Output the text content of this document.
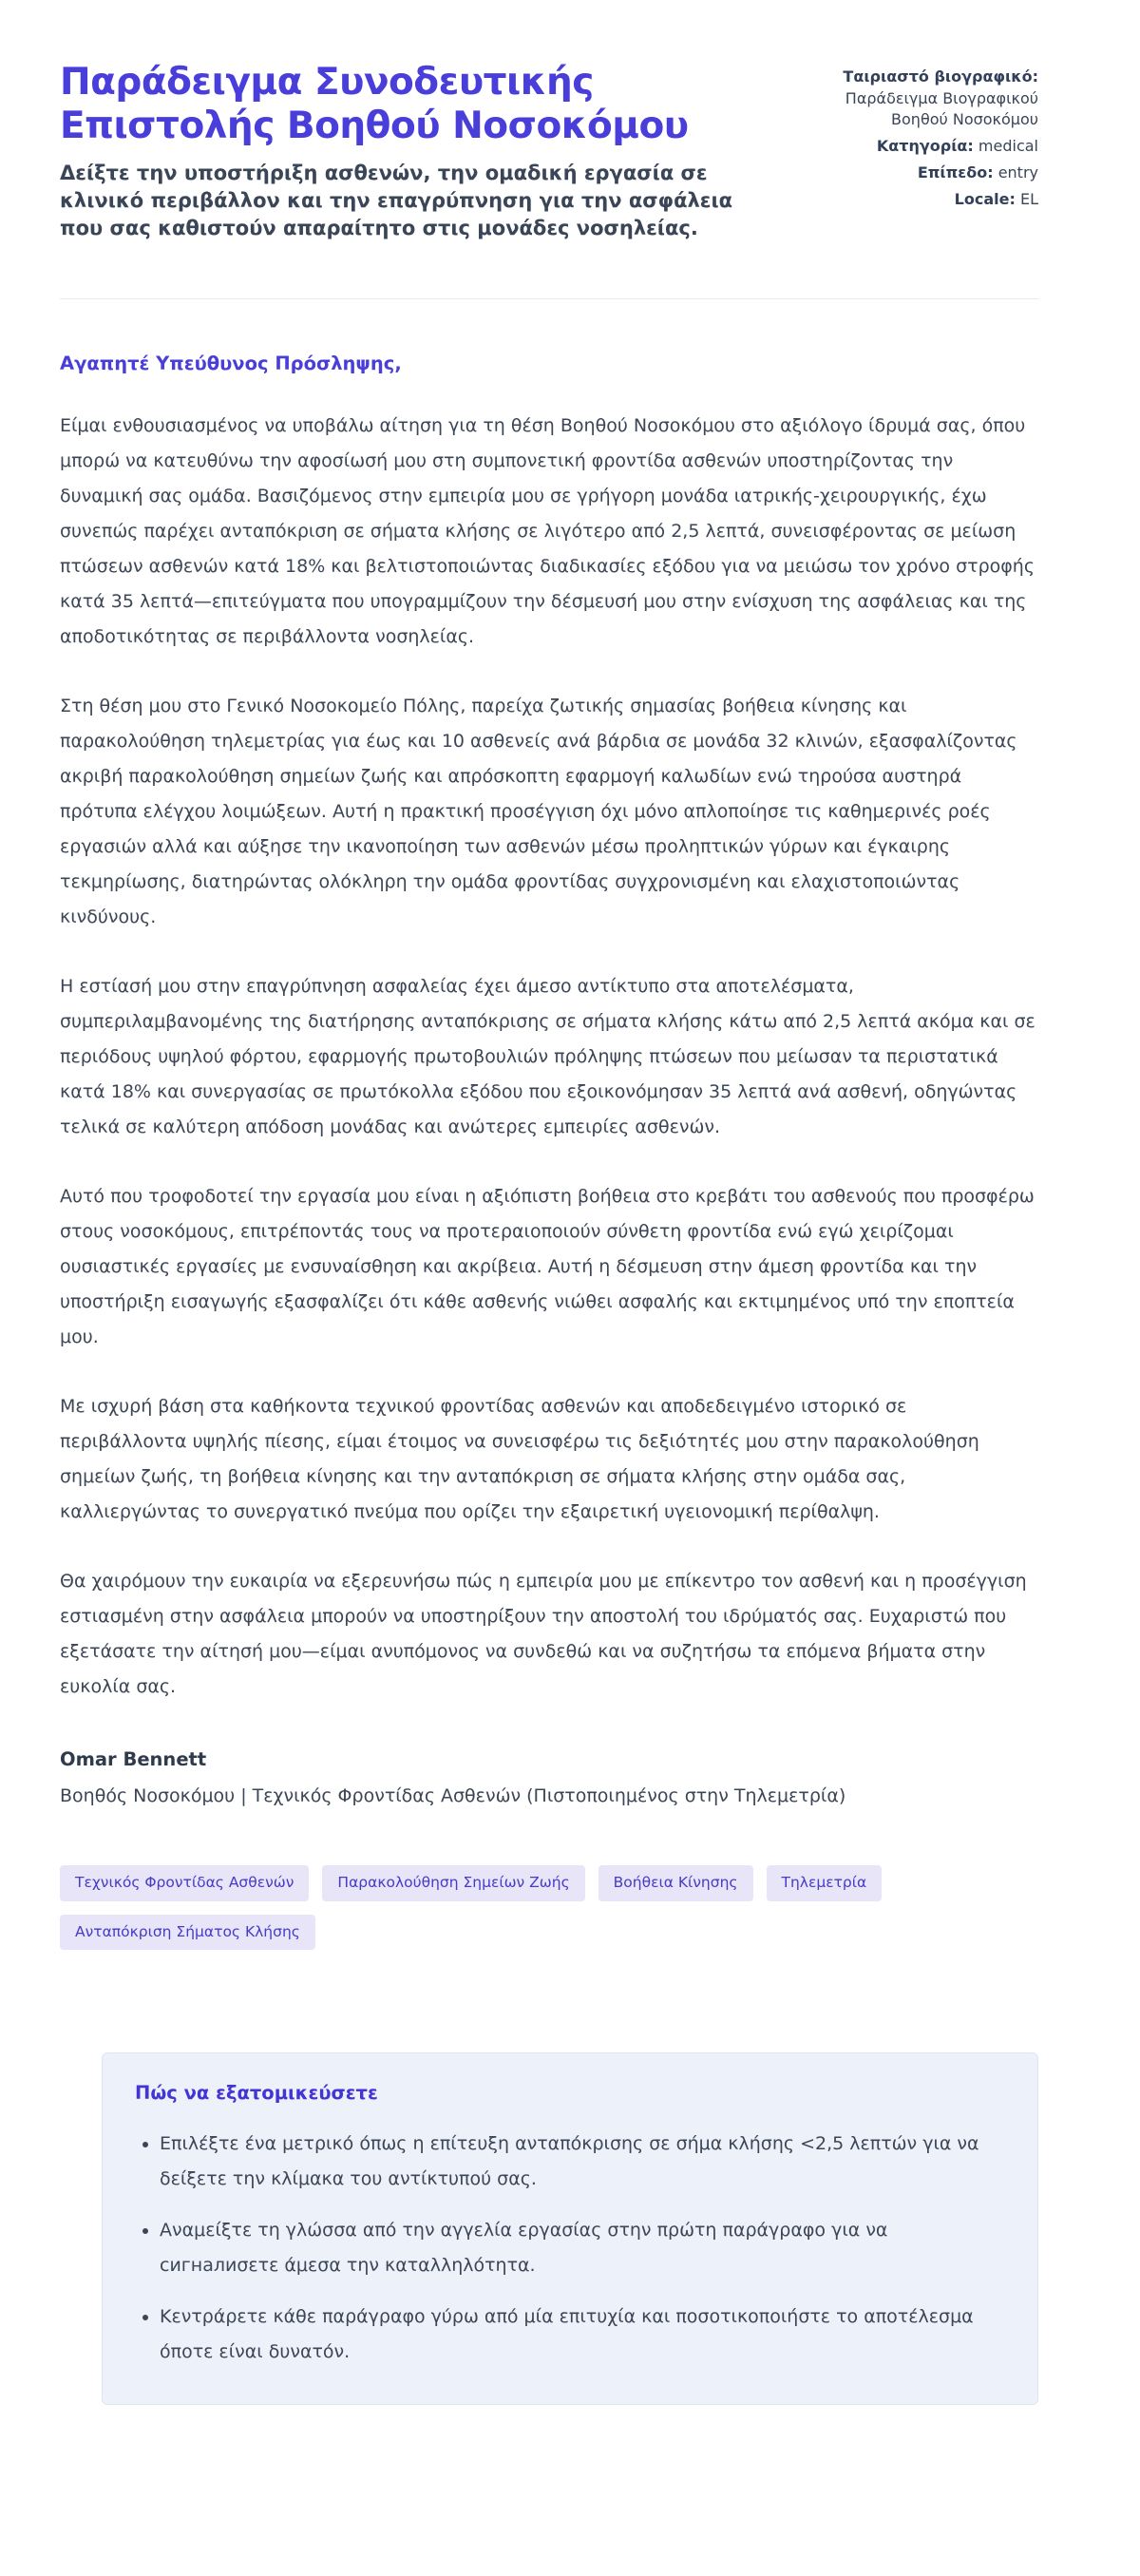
Παράδειγμα Συνοδευτικής Επιστολής Βοηθού Νοσοκόμου
Δείξτε την υποστήριξη ασθενών, την ομαδική εργασία σε κλινικό περιβάλλον και την επαγρύπνηση για την ασφάλεια που σας καθιστούν απαραίτητο στις μονάδες νοσηλείας.
Ταιριαστό βιογραφικό: Παράδειγμα Βιογραφικού Βοηθού Νοσοκόμου
Κατηγορία: medical
Επίπεδο: entry
Locale: EL
Αγαπητέ Υπεύθυνος Πρόσληψης,

Είμαι ενθουσιασμένος να υποβάλω αίτηση για τη θέση Βοηθού Νοσοκόμου στο αξιόλογο ίδρυμά σας, όπου μπορώ να κατευθύνω την αφοσίωσή μου στη συμπονετική φροντίδα ασθενών υποστηρίζοντας την δυναμική σας ομάδα. Βασιζόμενος στην εμπειρία μου σε γρήγορη μονάδα ιατρικής-χειρουργικής, έχω συνεπώς παρέχει ανταπόκριση σε σήματα κλήσης σε λιγότερο από 2,5 λεπτά, συνεισφέροντας σε μείωση πτώσεων ασθενών κατά 18% και βελτιστοποιώντας διαδικασίες εξόδου για να μειώσω τον χρόνο στροφής κατά 35 λεπτά—επιτεύγματα που υπογραμμίζουν την δέσμευσή μου στην ενίσχυση της ασφάλειας και της αποδοτικότητας σε περιβάλλοντα νοσηλείας.

Στη θέση μου στο Γενικό Νοσοκομείο Πόλης, παρείχα ζωτικής σημασίας βοήθεια κίνησης και παρακολούθηση τηλεμετρίας για έως και 10 ασθενείς ανά βάρδια σε μονάδα 32 κλινών, εξασφαλίζοντας ακριβή παρακολούθηση σημείων ζωής και απρόσκοπτη εφαρμογή καλωδίων ενώ τηρούσα αυστηρά πρότυπα ελέγχου λοιμώξεων. Αυτή η πρακτική προσέγγιση όχι μόνο απλοποίησε τις καθημερινές ροές εργασιών αλλά και αύξησε την ικανοποίηση των ασθενών μέσω προληπτικών γύρων και έγκαιρης τεκμηρίωσης, διατηρώντας ολόκληρη την ομάδα φροντίδας συγχρονισμένη και ελαχιστοποιώντας κινδύνους.

Η εστίασή μου στην επαγρύπνηση ασφαλείας έχει άμεσο αντίκτυπο στα αποτελέσματα, συμπεριλαμβανομένης της διατήρησης ανταπόκρισης σε σήματα κλήσης κάτω από 2,5 λεπτά ακόμα και σε περιόδους υψηλού φόρτου, εφαρμογής πρωτοβουλιών πρόληψης πτώσεων που μείωσαν τα περιστατικά κατά 18% και συνεργασίας σε πρωτόκολλα εξόδου που εξοικονόμησαν 35 λεπτά ανά ασθενή, οδηγώντας τελικά σε καλύτερη απόδοση μονάδας και ανώτερες εμπειρίες ασθενών.

Αυτό που τροφοδοτεί την εργασία μου είναι η αξιόπιστη βοήθεια στο κρεβάτι του ασθενούς που προσφέρω στους νοσοκόμους, επιτρέποντάς τους να προτεραιοποιούν σύνθετη φροντίδα ενώ εγώ χειρίζομαι ουσιαστικές εργασίες με ενσυναίσθηση και ακρίβεια. Αυτή η δέσμευση στην άμεση φροντίδα και την υποστήριξη εισαγωγής εξασφαλίζει ότι κάθε ασθενής νιώθει ασφαλής και εκτιμημένος υπό την εποπτεία μου.

Με ισχυρή βάση στα καθήκοντα τεχνικού φροντίδας ασθενών και αποδεδειγμένο ιστορικό σε περιβάλλοντα υψηλής πίεσης, είμαι έτοιμος να συνεισφέρω τις δεξιότητές μου στην παρακολούθηση σημείων ζωής, τη βοήθεια κίνησης και την ανταπόκριση σε σήματα κλήσης στην ομάδα σας, καλλιεργώντας το συνεργατικό πνεύμα που ορίζει την εξαιρετική υγειονομική περίθαλψη.

Θα χαιρόμουν την ευκαιρία να εξερευνήσω πώς η εμπειρία μου με επίκεντρο τον ασθενή και η προσέγγιση εστιασμένη στην ασφάλεια μπορούν να υποστηρίξουν την αποστολή του ιδρύματός σας. Ευχαριστώ που εξετάσατε την αίτησή μου—είμαι ανυπόμονος να συνδεθώ και να συζητήσω τα επόμενα βήματα στην ευκολία σας.

Omar Bennett
Βοηθός Νοσοκόμου | Τεχνικός Φροντίδας Ασθενών (Πιστοποιημένος στην Τηλεμετρία)
Τεχνικός Φροντίδας Ασθενών	Παρακολούθηση Σημείων Ζωής	Βοήθεια Κίνησης	Τηλεμετρία
Ανταπόκριση Σήματος Κλήσης
Πώς να εξατομικεύσετε
• Επιλέξτε ένα μετρικό όπως η επίτευξη ανταπόκρισης σε σήμα κλήσης <2,5 λεπτών για να δείξετε την κλίμακα του αντίκτυπού σας.
• Αναμείξτε τη γλώσσα από την αγγελία εργασίας στην πρώτη παράγραφο για να сигналиσετε άμεσα την καταλληλότητα.
• Κεντράρετε κάθε παράγραφο γύρω από μία επιτυχία και ποσοτικοποιήστε το αποτέλεσμα όποτε είναι δυνατόν.
